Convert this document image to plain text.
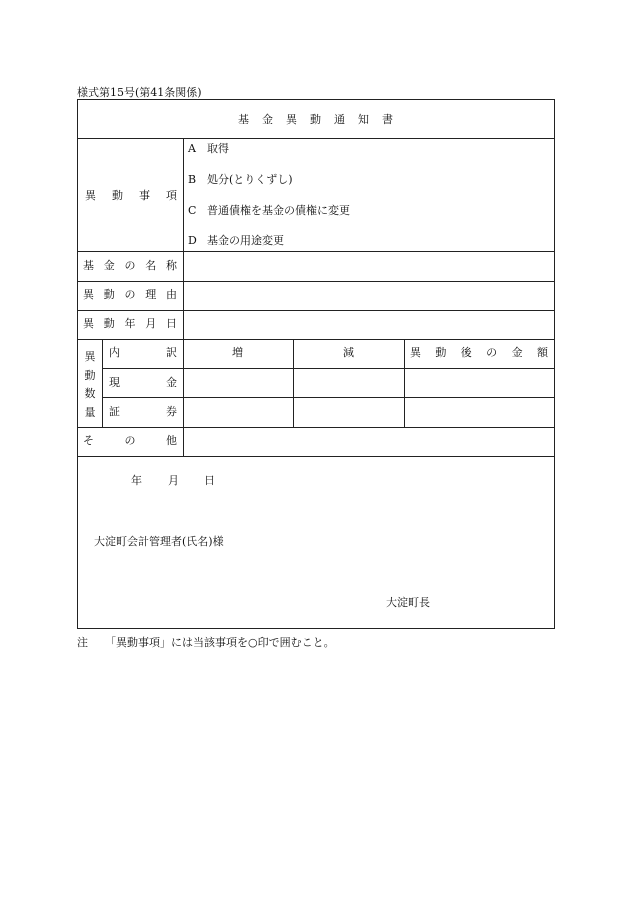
様式第15号(第41条関係)
基 金 異 動 通 知 書
異 動 事 項
A 取得
B 処分(とりくずし)
C 普通債権を基金の債権に変更
D 基金の用途変更
基 金 の 名 称
異 動 の 理 由
異 動 年 月 日
異
動
数
量
内	訳	増	減	異 動 後 の 金 額
現	金
証	券
そ	の	他
年 月 日
大淀町会計管理者(氏名)様
大淀町長
注 「異動事項」には当該事項を○印で囲むこと。
